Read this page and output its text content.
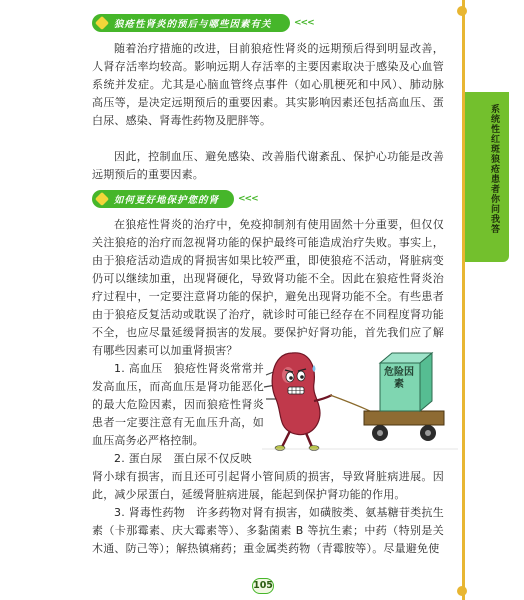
系统性红斑狼疮患者你问我答
狼疮性肾炎的预后与哪些因素有关 <<<
随着治疗措施的改进，目前狼疮性肾炎的远期预后得到明显改善，人肾存活率均较高。影响远期人存活率的主要因素取决于感染及心血管系统并发症。尤其是心脑血管终点事件（如心肌梗死和中风）、肺动脉高压等，是决定远期预后的重要因素。其实影响因素还包括高血压、蛋白尿、感染、肾毒性药物及肥胖等。
因此，控制血压、避免感染、改善脂代谢紊乱、保护心功能是改善远期预后的重要因素。
如何更好地保护您的肾 <<<
在狼疮性肾炎的治疗中，免疫抑制剂有使用固然十分重要，但仅仅关注狼疮的治疗而忽视肾功能的保护最终可能造成治疗失败。事实上，由于狼疮活动造成的肾损害如果比较严重，即使狼疮不活动，肾脏病变仍可以继续加重，出现肾硬化，导致肾功能不全。因此在狼疮性肾炎治疗过程中，一定要注意肾功能的保护，避免出现肾功能不全。有些患者由于狼疮反复活动或耽误了治疗，就诊时可能已经存在不同程度肾功能不全，也应尽量延缓肾损害的发展。要保护好肾功能，首先我们应了解有哪些因素可以加重肾损害？
1. 高血压　狼疮性肾炎常常并发高血压，而高血压是肾功能恶化的最大危险因素，因而狼疮性肾炎患者一定要注意有无血压升高，如血压高务必严格控制。
2. 蛋白尿　蛋白尿不仅反映
肾小球有损害，而且还可引起肾小管间质的损害，导致肾脏病进展。因此，减少尿蛋白，延缓肾脏病进展，能起到保护肾功能的作用。
3. 肾毒性药物　许多药物对肾有损害，如磺胺类、氨基糖苷类抗生素（卡那霉素、庆大霉素等）、多黏菌素 B 等抗生素；中药（特别是关木通、防己等）；解热镇痛药；重金属类药物（青霉胺等）。尽量避免使
危险因素
105
